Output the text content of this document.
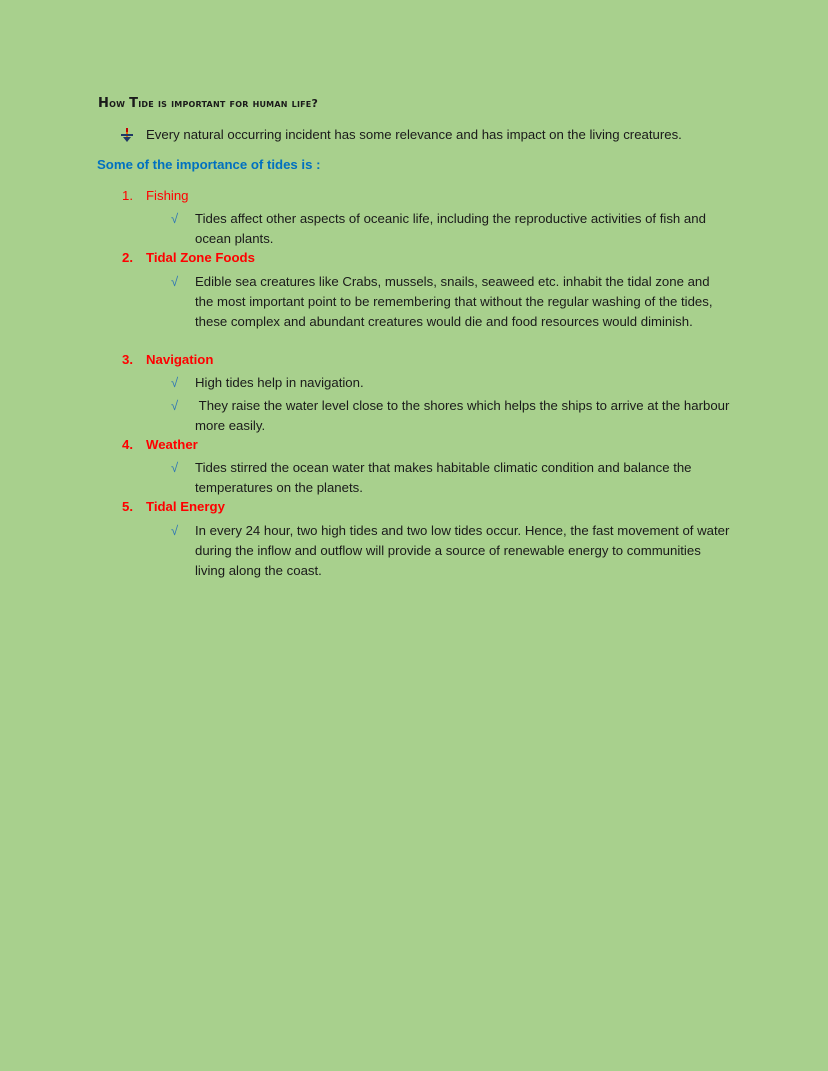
How Tide is important for human life?
Every natural occurring incident has some relevance and has impact on the living creatures.
Some of the importance of tides is :
1. Fishing
√ Tides affect other aspects of oceanic life, including the reproductive activities of fish and ocean plants.
2. Tidal Zone Foods
√ Edible sea creatures like Crabs, mussels, snails, seaweed etc. inhabit the tidal zone and the most important point to be remembering that without the regular washing of the tides, these complex and abundant creatures would die and food resources would diminish.
3. Navigation
√ High tides help in navigation.
√ They raise the water level close to the shores which helps the ships to arrive at the harbour more easily.
4. Weather
√ Tides stirred the ocean water that makes habitable climatic condition and balance the temperatures on the planets.
5. Tidal Energy
√ In every 24 hour, two high tides and two low tides occur. Hence, the fast movement of water during the inflow and outflow will provide a source of renewable energy to communities living along the coast.
